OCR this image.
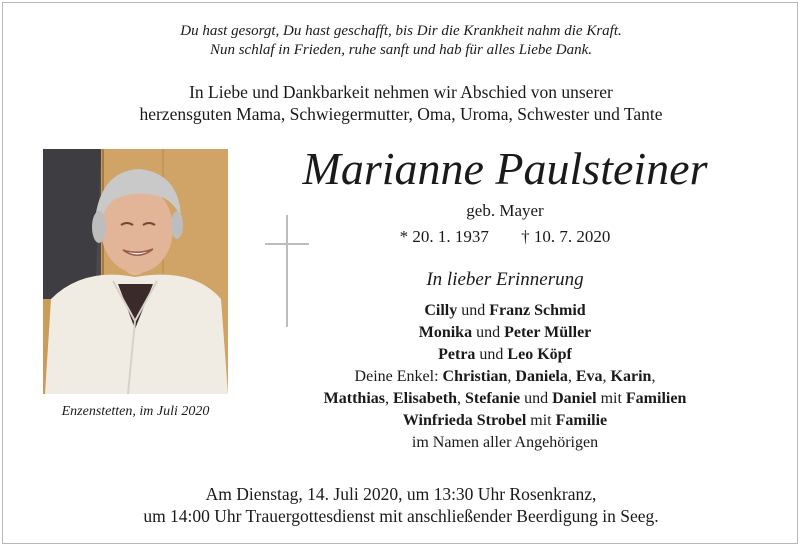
Du hast gesorgt, Du hast geschafft, bis Dir die Krankheit nahm die Kraft.
Nun schlaf in Frieden, ruhe sanft und hab für alles Liebe Dank.
In Liebe und Dankbarkeit nehmen wir Abschied von unserer
herzensguten Mama, Schwiegermutter, Oma, Uroma, Schwester und Tante
Enzenstetten, im Juli 2020
Marianne Paulsteiner
geb. Mayer
* 20. 1. 1937 † 10. 7. 2020
In lieber Erinnerung
Cilly und Franz Schmid
Monika und Peter Müller
Petra und Leo Köpf
Deine Enkel: Christian, Daniela, Eva, Karin,
Matthias, Elisabeth, Stefanie und Daniel mit Familien
Winfrieda Strobel mit Familie
im Namen aller Angehörigen
Am Dienstag, 14. Juli 2020, um 13:30 Uhr Rosenkranz,
um 14:00 Uhr Trauergottesdienst mit anschließender Beerdigung in Seeg.
